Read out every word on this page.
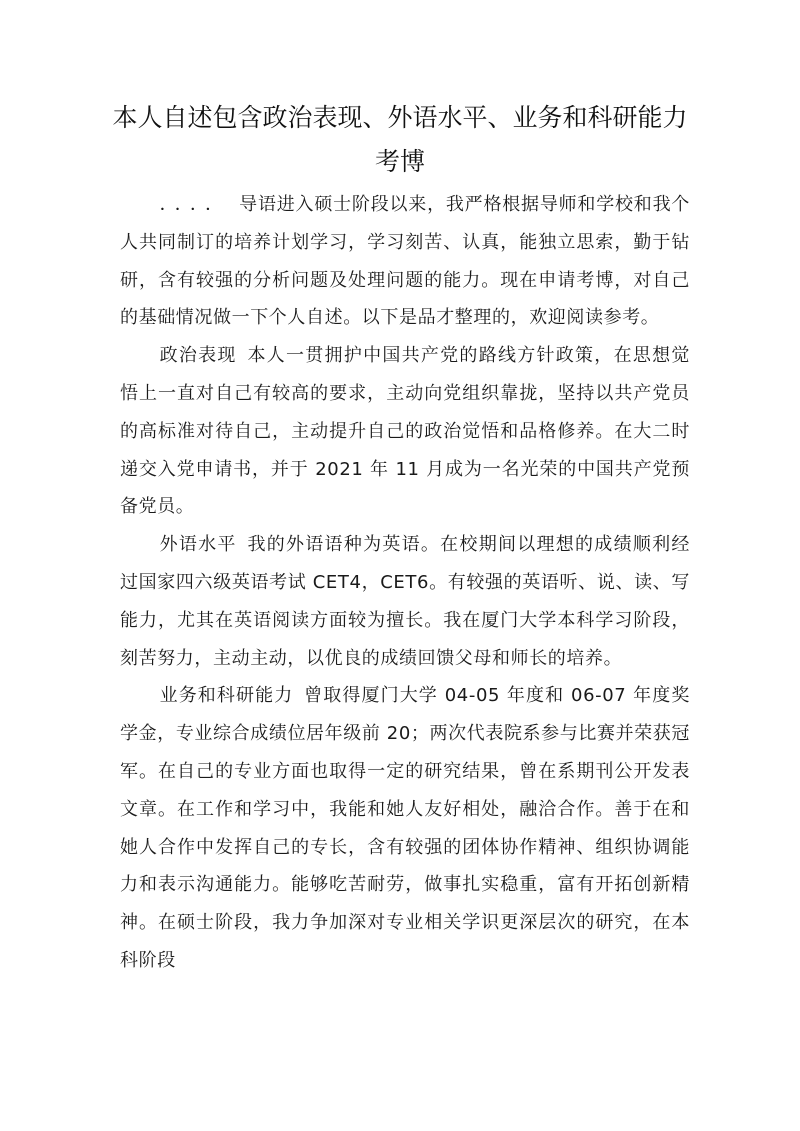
本人自述包含政治表现、外语水平、业务和科研能力
考博

．．．．　 导语进入硕士阶段以来，我严格根据导师和学校和我个人共同制订的培养计划学习，学习刻苦、认真，能独立思索，勤于钻研，含有较强的分析问题及处理问题的能力。现在申请考博，对自己的基础情况做一下个人自述。以下是品才整理的，欢迎阅读参考。

政治表现 本人一贯拥护中国共产党的路线方针政策，在思想觉悟上一直对自己有较高的要求，主动向党组织靠拢，坚持以共产党员的高标准对待自己，主动提升自己的政治觉悟和品格修养。在大二时递交入党申请书，并于 2021 年 11 月成为一名光荣的中国共产党预备党员。

外语水平 我的外语语种为英语。在校期间以理想的成绩顺利经过国家四六级英语考试 CET4，CET6。有较强的英语听、说、读、写能力，尤其在英语阅读方面较为擅长。我在厦门大学本科学习阶段，刻苦努力，主动主动，以优良的成绩回馈父母和师长的培养。

业务和科研能力 曾取得厦门大学 04-05 年度和 06-07 年度奖学金，专业综合成绩位居年级前 20；两次代表院系参与比赛并荣获冠军。在自己的专业方面也取得一定的研究结果，曾在系期刊公开发表文章。在工作和学习中，我能和她人友好相处，融洽合作。善于在和她人合作中发挥自己的专长，含有较强的团体协作精神、组织协调能力和表示沟通能力。能够吃苦耐劳，做事扎实稳重，富有开拓创新精神。在硕士阶段，我力争加深对专业相关学识更深层次的研究，在本科阶段
